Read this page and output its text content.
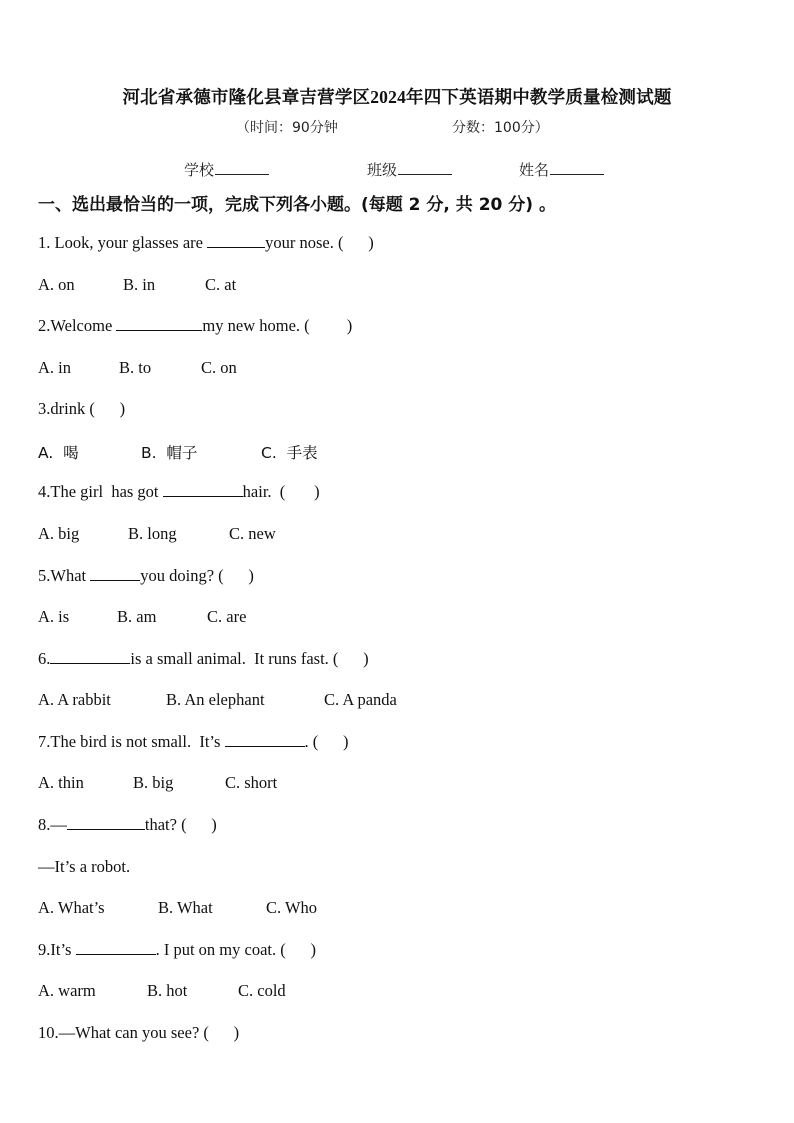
河北省承德市隆化县章吉营学区2024年四下英语期中教学质量检测试题
（时间：90分钟	分数：100分）
学校	班级	姓名
一、选出最恰当的一项，完成下列各小题。(每题 2 分, 共 20 分) 。
1. Look, your glasses are	your nose. (      )
A. on	B. in	C. at
2.Welcome	my new home. (         )
A. in	B. to	C. on
3.drink (      )
A.  喝	B.  帽子	C.  手表
4.The girl  has got	hair.  (       )
A. big	B. long	C. new
5.What	you doing? (      )
A. is	B. am	C. are
6.	is a small animal.  It runs fast. (      )
A. A rabbit	B. An elephant	C. A panda
7.The bird is not small.  It’s	. (      )
A. thin	B. big	C. short
8.—	that? (      )
—It’s a robot.
A. What’s	B. What	C. Who
9.It’s	. I put on my coat. (      )
A. warm	B. hot	C. cold
10.—What can you see? (      )
